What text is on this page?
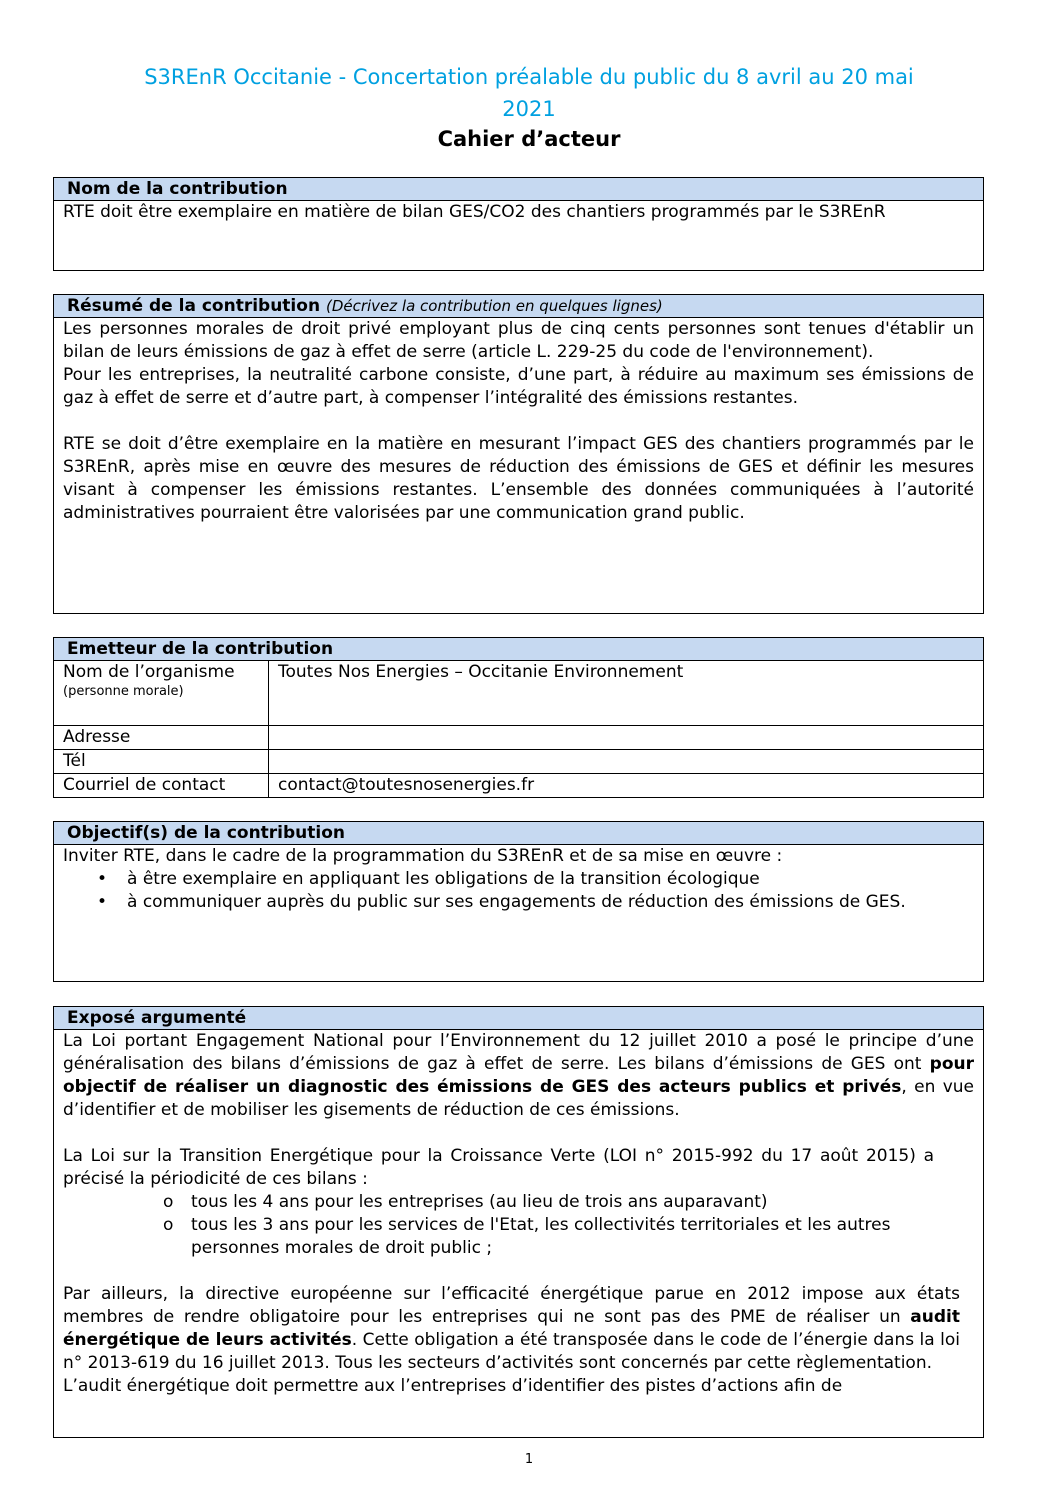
S3REnR Occitanie - Concertation préalable du public du 8 avril au 20 mai
2021
Cahier d’acteur
Nom de la contribution

RTE doit être exemplaire en matière de bilan GES/CO2 des chantiers programmés par le S3REnR

Résumé de la contribution (Décrivez la contribution en quelques lignes)

Les personnes morales de droit privé employant plus de cinq cents personnes sont tenues d'établir un bilan de leurs émissions de gaz à effet de serre (article L. 229-25 du code de l'environnement).

Pour les entreprises, la neutralité carbone consiste, d’une part, à réduire au maximum ses émissions de gaz à effet de serre et d’autre part, à compenser l’intégralité des émissions restantes.

RTE se doit d’être exemplaire en la matière en mesurant l’impact GES des chantiers programmés par le S3REnR, après mise en œuvre des mesures de réduction des émissions de GES et définir les mesures visant à compenser les émissions restantes. L’ensemble des données communiquées à l’autorité administratives pourraient être valorisées par une communication grand public.

Emetteur de la contribution
Nom de l’organisme
(personne morale)	Toutes Nos Energies – Occitanie Environnement
Adresse	
Tél	
Courriel de contact	contact@toutesnosenergies.fr
Objectif(s) de la contribution

Inviter RTE, dans le cadre de la programmation du S3REnR et de sa mise en œuvre :

• à être exemplaire en appliquant les obligations de la transition écologique
• à communiquer auprès du public sur ses engagements de réduction des émissions de GES.
Exposé argumenté

La Loi portant Engagement National pour l’Environnement du 12 juillet 2010 a posé le principe d’une généralisation des bilans d’émissions de gaz à effet de serre. Les bilans d’émissions de GES ont pour objectif de réaliser un diagnostic des émissions de GES des acteurs publics et privés, en vue d’identifier et de mobiliser les gisements de réduction de ces émissions.

La Loi sur la Transition Energétique pour la Croissance Verte (LOI n° 2015-992 du 17 août 2015) a précisé la périodicité de ces bilans :

o tous les 4 ans pour les entreprises (au lieu de trois ans auparavant)
o tous les 3 ans pour les services de l'Etat, les collectivités territoriales et les autres personnes morales de droit public ;

Par ailleurs, la directive européenne sur l’efficacité énergétique parue en 2012 impose aux états membres de rendre obligatoire pour les entreprises qui ne sont pas des PME de réaliser un audit énergétique de leurs activités. Cette obligation a été transposée dans le code de l’énergie dans la loi n° 2013-619 du 16 juillet 2013. Tous les secteurs d’activités sont concernés par cette règlementation.

L’audit énergétique doit permettre aux l’entreprises d’identifier des pistes d’actions afin de

1
